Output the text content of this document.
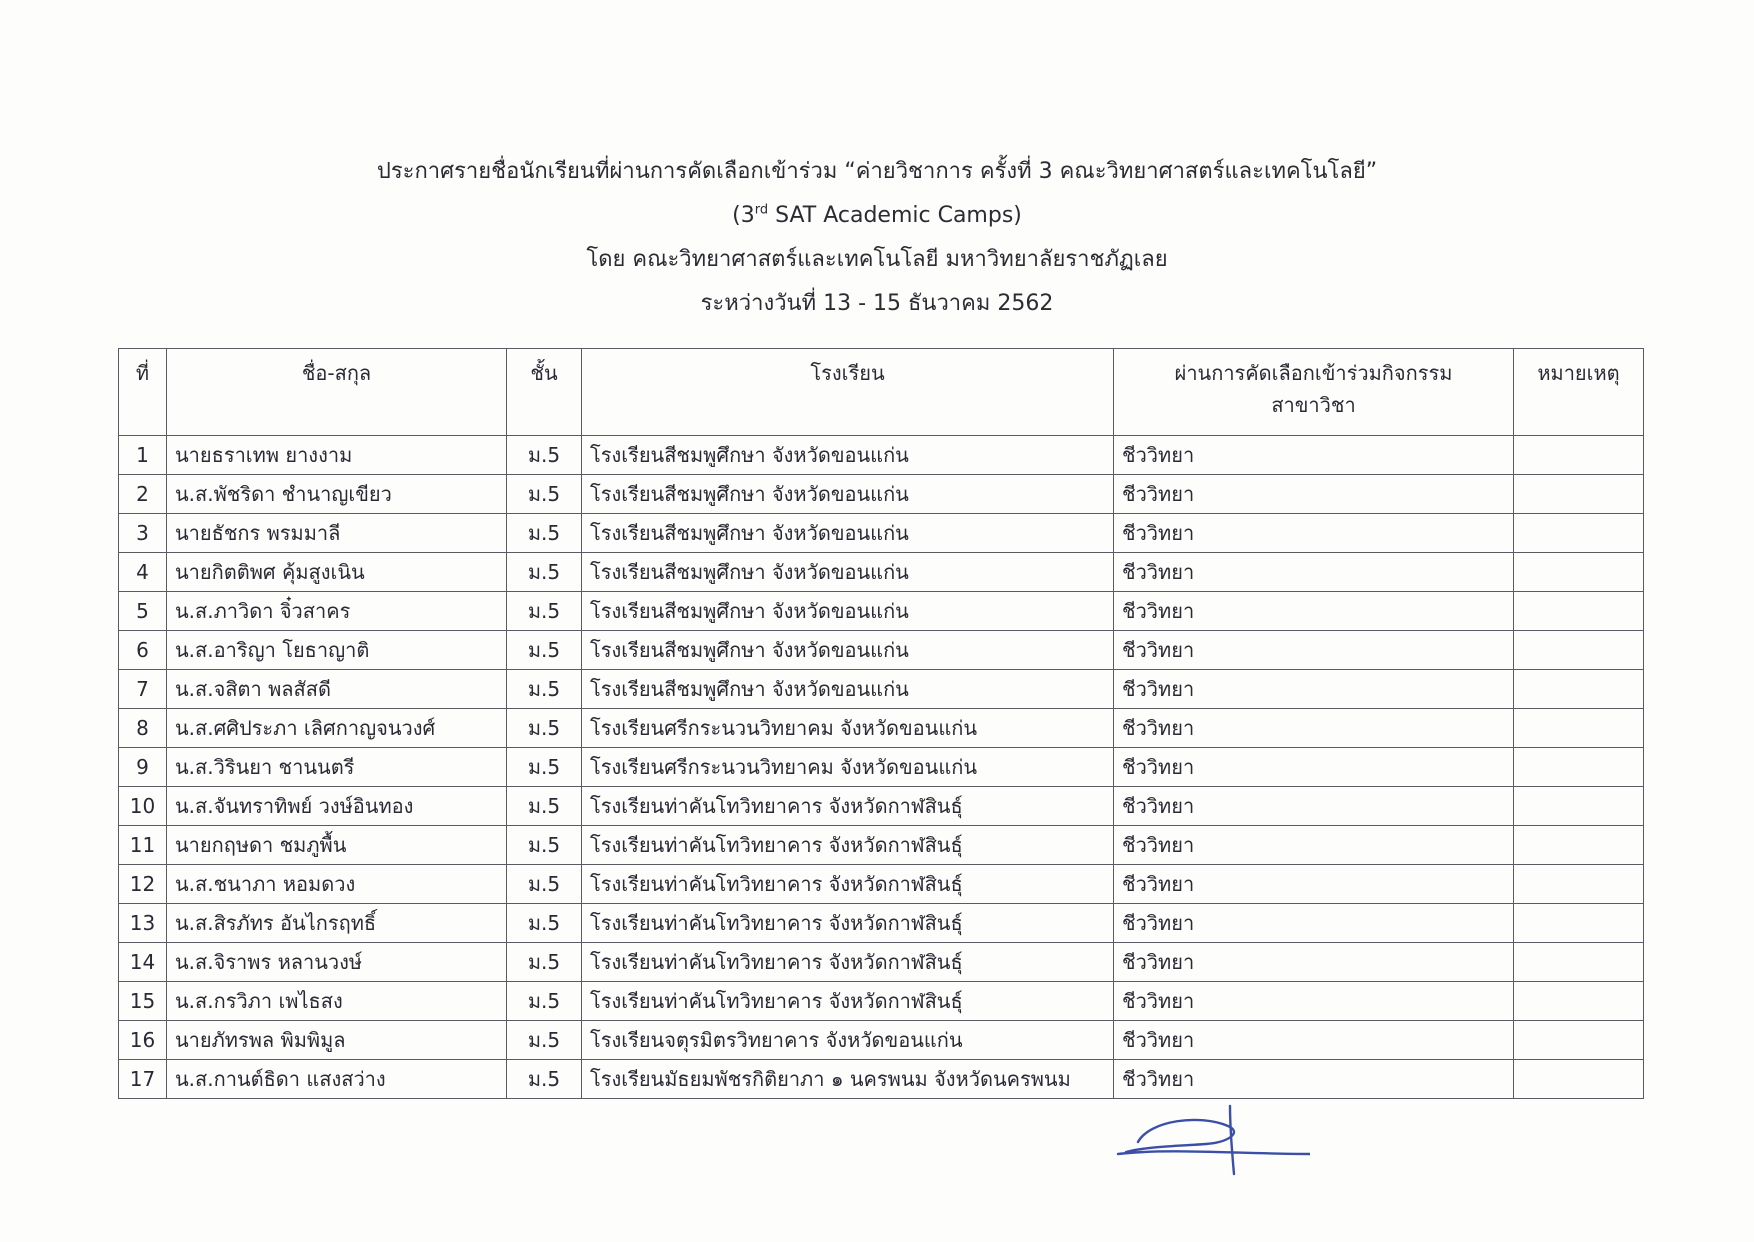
ประกาศรายชื่อนักเรียนที่ผ่านการคัดเลือกเข้าร่วม “ค่ายวิชาการ ครั้งที่ 3 คณะวิทยาศาสตร์และเทคโนโลยี”
(3rd SAT Academic Camps)
โดย คณะวิทยาศาสตร์และเทคโนโลยี มหาวิทยาลัยราชภัฏเลย
ระหว่างวันที่ 13 - 15 ธันวาคม 2562
ที่	ชื่อ-สกุล	ชั้น	โรงเรียน	ผ่านการคัดเลือกเข้าร่วมกิจกรรม
สาขาวิชา	หมายเหตุ
1	นายธราเทพ ยางงาม	ม.5	โรงเรียนสีชมพูศึกษา จังหวัดขอนแก่น	ชีววิทยา	
2	น.ส.พัชริดา ชำนาญเขียว	ม.5	โรงเรียนสีชมพูศึกษา จังหวัดขอนแก่น	ชีววิทยา	
3	นายธัชกร พรมมาลี	ม.5	โรงเรียนสีชมพูศึกษา จังหวัดขอนแก่น	ชีววิทยา	
4	นายกิตติพศ คุ้มสูงเนิน	ม.5	โรงเรียนสีชมพูศึกษา จังหวัดขอนแก่น	ชีววิทยา	
5	น.ส.ภาวิดา จิ๋วสาคร	ม.5	โรงเรียนสีชมพูศึกษา จังหวัดขอนแก่น	ชีววิทยา	
6	น.ส.อาริญา โยธาญาติ	ม.5	โรงเรียนสีชมพูศึกษา จังหวัดขอนแก่น	ชีววิทยา	
7	น.ส.จสิตา พลสัสดี	ม.5	โรงเรียนสีชมพูศึกษา จังหวัดขอนแก่น	ชีววิทยา	
8	น.ส.ศศิประภา เลิศกาญจนวงศ์	ม.5	โรงเรียนศรีกระนวนวิทยาคม จังหวัดขอนแก่น	ชีววิทยา	
9	น.ส.วิรินยา ชานนตรี	ม.5	โรงเรียนศรีกระนวนวิทยาคม จังหวัดขอนแก่น	ชีววิทยา	
10	น.ส.จันทราทิพย์ วงษ์อินทอง	ม.5	โรงเรียนท่าคันโทวิทยาคาร จังหวัดกาฬสินธุ์	ชีววิทยา	
11	นายกฤษดา ชมภูพื้น	ม.5	โรงเรียนท่าคันโทวิทยาคาร จังหวัดกาฬสินธุ์	ชีววิทยา	
12	น.ส.ชนาภา หอมดวง	ม.5	โรงเรียนท่าคันโทวิทยาคาร จังหวัดกาฬสินธุ์	ชีววิทยา	
13	น.ส.สิรภัทร อันไกรฤทธิ์	ม.5	โรงเรียนท่าคันโทวิทยาคาร จังหวัดกาฬสินธุ์	ชีววิทยา	
14	น.ส.จิราพร หลานวงษ์	ม.5	โรงเรียนท่าคันโทวิทยาคาร จังหวัดกาฬสินธุ์	ชีววิทยา	
15	น.ส.กรวิภา เพไธสง	ม.5	โรงเรียนท่าคันโทวิทยาคาร จังหวัดกาฬสินธุ์	ชีววิทยา	
16	นายภัทรพล พิมพิมูล	ม.5	โรงเรียนจตุรมิตรวิทยาคาร จังหวัดขอนแก่น	ชีววิทยา	
17	น.ส.กานต์ธิดา แสงสว่าง	ม.5	โรงเรียนมัธยมพัชรกิติยาภา ๑ นครพนม จังหวัดนครพนม	ชีววิทยา	
